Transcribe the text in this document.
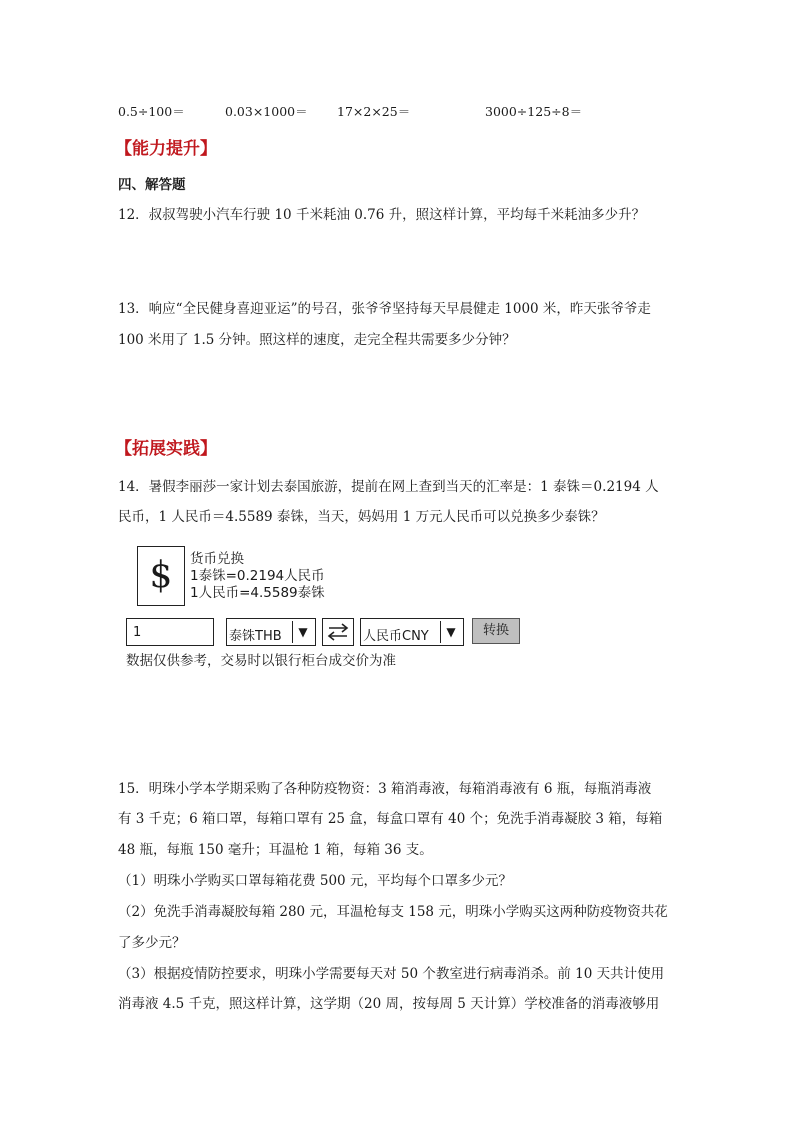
0.5÷100＝	0.03×1000＝ 17×2×25＝	3000÷125÷8＝
【能力提升】
四、解答题
12．叔叔驾驶小汽车行驶 10 千米耗油 0.76 升，照这样计算，平均每千米耗油多少升？
13．响应“全民健身喜迎亚运”的号召，张爷爷坚持每天早晨健走 1000 米，昨天张爷爷走
100 米用了 1.5 分钟。照这样的速度，走完全程共需要多少分钟？
【拓展实践】
14．暑假李丽莎一家计划去泰国旅游，提前在网上查到当天的汇率是：1 泰铢＝0.2194 人
民币，1 人民币＝4.5589 泰铢，当天，妈妈用 1 万元人民币可以兑换多少泰铢？
$ 货币兑换
1泰铢=0.2194人民币
1人民币=4.5589泰铢
1	泰铢THB	▼	人民币CNY	▼	转换
数据仅供参考，交易时以银行柜台成交价为准
15．明珠小学本学期采购了各种防疫物资：3 箱消毒液，每箱消毒液有 6 瓶，每瓶消毒液
有 3 千克；6 箱口罩，每箱口罩有 25 盒，每盒口罩有 40 个；免洗手消毒凝胶 3 箱，每箱
48 瓶，每瓶 150 毫升；耳温枪 1 箱，每箱 36 支。
（1）明珠小学购买口罩每箱花费 500 元，平均每个口罩多少元？
（2）免洗手消毒凝胶每箱 280 元，耳温枪每支 158 元，明珠小学购买这两种防疫物资共花
了多少元？
（3）根据疫情防控要求，明珠小学需要每天对 50 个教室进行病毒消杀。前 10 天共计使用
消毒液 4.5 千克，照这样计算，这学期（20 周，按每周 5 天计算）学校准备的消毒液够用
